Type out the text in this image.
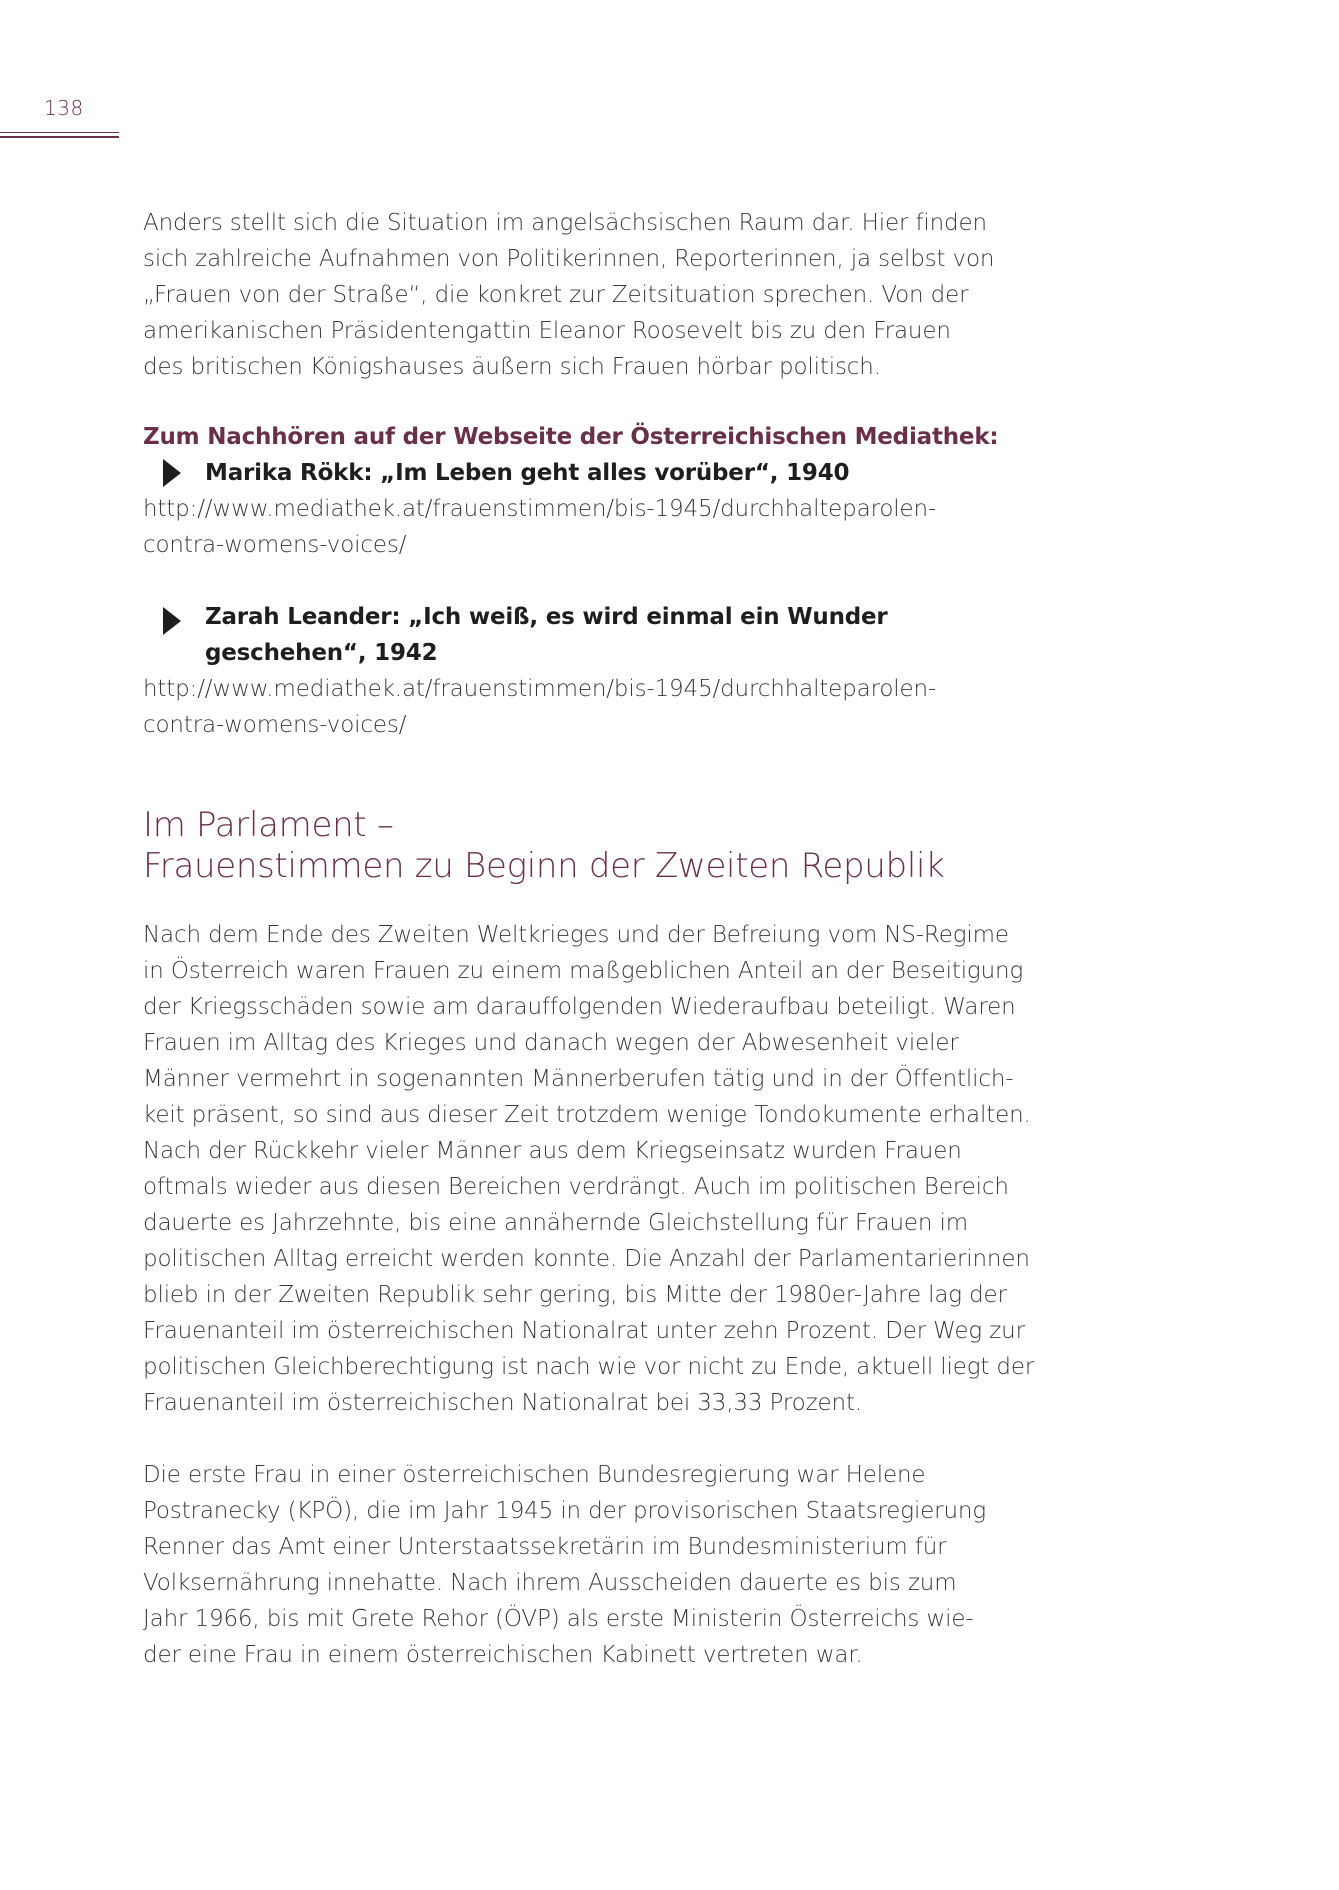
138

Anders stellt sich die Situation im angelsächsischen Raum dar. Hier finden
sich zahlreiche Aufnahmen von Politikerinnen, Reporterinnen, ja selbst von
„Frauen von der Straße“, die konkret zur Zeitsituation sprechen. Von der
amerikanischen Präsidentengattin Eleanor Roosevelt bis zu den Frauen
des britischen Königshauses äußern sich Frauen hörbar politisch.

Zum Nachhören auf der Webseite der Österreichischen Mediathek:

Marika Rökk: „Im Leben geht alles vorüber“, 1940

http://www.mediathek.at/frauenstimmen/bis-1945/durchhalteparolen-
contra-womens-voices/

Zarah Leander: „Ich weiß, es wird einmal ein Wunder
geschehen“, 1942

http://www.mediathek.at/frauenstimmen/bis-1945/durchhalteparolen-
contra-womens-voices/

Im Parlament –
Frauenstimmen zu Beginn der Zweiten Republik

Nach dem Ende des Zweiten Weltkrieges und der Befreiung vom NS-Regime
in Österreich waren Frauen zu einem maßgeblichen Anteil an der Beseitigung
der Kriegsschäden sowie am darauffolgenden Wiederaufbau beteiligt. Waren
Frauen im Alltag des Krieges und danach wegen der Abwesenheit vieler
Männer vermehrt in sogenannten Männerberufen tätig und in der Öffentlich-
keit präsent, so sind aus dieser Zeit trotzdem wenige Tondokumente erhalten.
Nach der Rückkehr vieler Männer aus dem Kriegseinsatz wurden Frauen
oftmals wieder aus diesen Bereichen verdrängt. Auch im politischen Bereich
dauerte es Jahrzehnte, bis eine annähernde Gleichstellung für Frauen im
politischen Alltag erreicht werden konnte. Die Anzahl der Parlamentarierinnen
blieb in der Zweiten Republik sehr gering, bis Mitte der 1980er-Jahre lag der
Frauenanteil im österreichischen Nationalrat unter zehn Prozent. Der Weg zur
politischen Gleichberechtigung ist nach wie vor nicht zu Ende, aktuell liegt der
Frauenanteil im österreichischen Nationalrat bei 33,33 Prozent.

Die erste Frau in einer österreichischen Bundesregierung war Helene
Postranecky (KPÖ), die im Jahr 1945 in der provisorischen Staatsregierung
Renner das Amt einer Unterstaatssekretärin im Bundesministerium für
Volksernährung innehatte. Nach ihrem Ausscheiden dauerte es bis zum
Jahr 1966, bis mit Grete Rehor (ÖVP) als erste Ministerin Österreichs wie-
der eine Frau in einem österreichischen Kabinett vertreten war.
